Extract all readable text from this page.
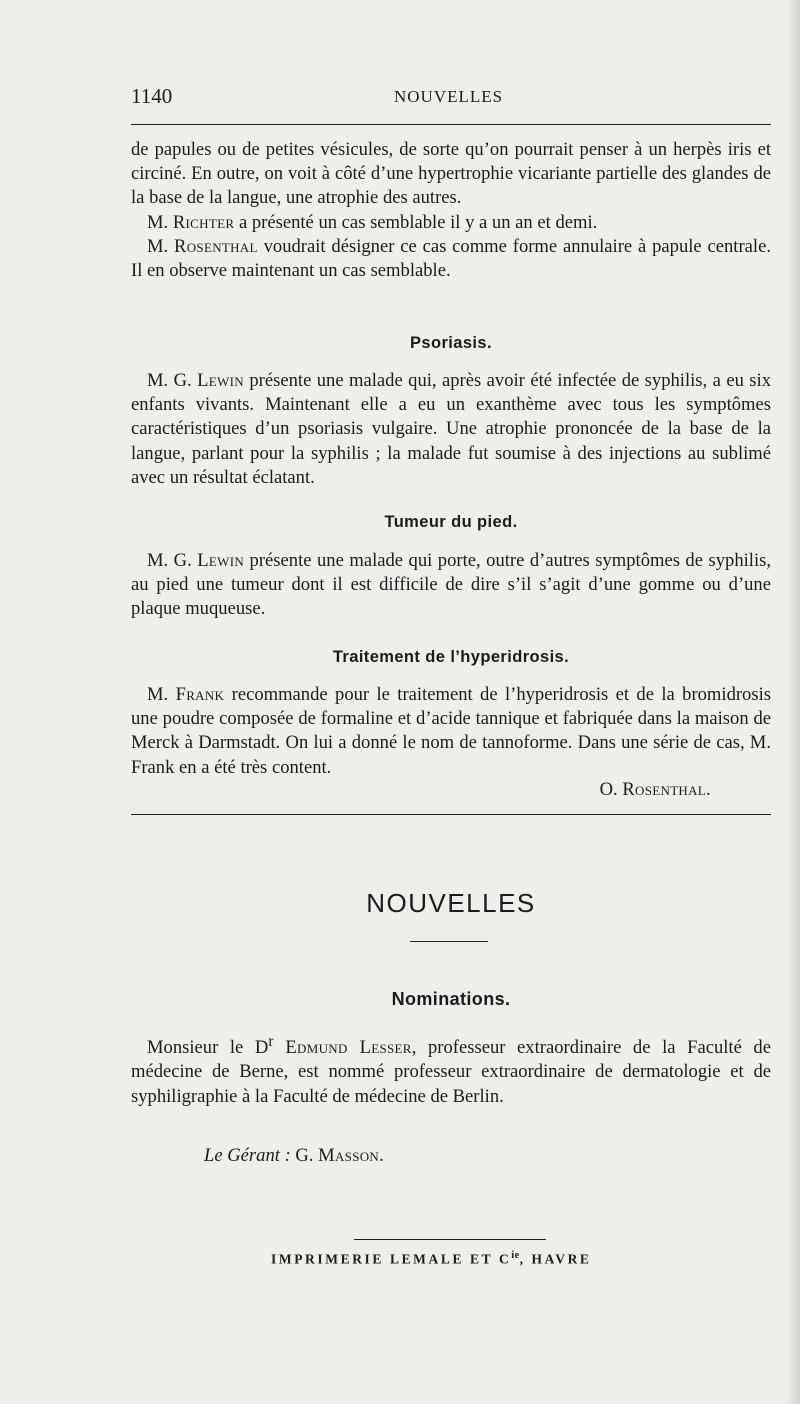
1140	NOUVELLES

de papules ou de petites vésicules, de sorte qu’on pourrait penser à un herpès iris et circiné. En outre, on voit à côté d’une hypertrophie vicariante partielle des glandes de la base de la langue, une atrophie des autres.

M. Richter a présenté un cas semblable il y a un an et demi.

M. Rosenthal voudrait désigner ce cas comme forme annulaire à papule centrale. Il en observe maintenant un cas semblable.

Psoriasis.

M. G. Lewin présente une malade qui, après avoir été infectée de syphilis, a eu six enfants vivants. Maintenant elle a eu un exanthème avec tous les symptômes caractéristiques d’un psoriasis vulgaire. Une atrophie prononcée de la base de la langue, parlant pour la syphilis ; la malade fut soumise à des injections au sublimé avec un résultat éclatant.

Tumeur du pied.

M. G. Lewin présente une malade qui porte, outre d’autres symptômes de syphilis, au pied une tumeur dont il est difficile de dire s’il s’agit d’une gomme ou d’une plaque muqueuse.

Traitement de l’hyperidrosis.

M. Frank recommande pour le traitement de l’hyperidrosis et de la bromidrosis une poudre composée de formaline et d’acide tannique et fabriquée dans la maison de Merck à Darmstadt. On lui a donné le nom de tannoforme. Dans une série de cas, M. Frank en a été très content.

O. Rosenthal.
NOUVELLES

Nominations.

Monsieur le $D^r$ Edmund Lesser, professeur extraordinaire de la Faculté de médecine de Berne, est nommé professeur extraordinaire de dermatologie et de syphiligraphie à la Faculté de médecine de Berlin.

Le Gérant : G. Masson.
IMPRIMERIE LEMALE ET $C^{ie}$, HAVRE
